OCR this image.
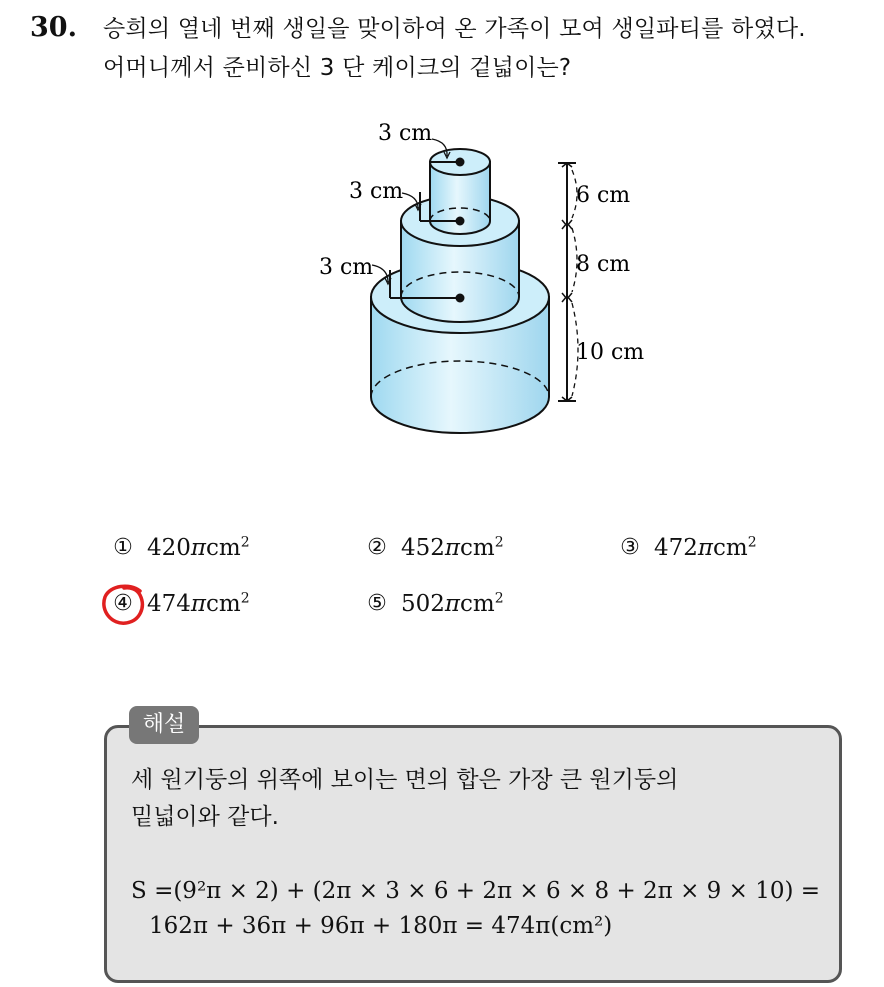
30. 승희의 열네 번째 생일을 맞이하여 온 가족이 모여 생일파티를 하였다.
어머니께서 준비하신 3 단 케이크의 겉넓이는?
3 cm
3 cm
3 cm
6 cm
8 cm
10 cm
① 420πcm$^2$	② 452πcm$^2$	③ 472πcm$^2$
④ 474πcm$^2$	⑤ 502πcm$^2$
해설
세 원기둥의 위쪽에 보이는 면의 합은 가장 큰 원기둥의
밑넓이와 같다.
S =(9²π × 2) + (2π × 3 × 6 + 2π × 6 × 8 + 2π × 9 × 10) =
162π + 36π + 96π + 180π = 474π(cm²)
